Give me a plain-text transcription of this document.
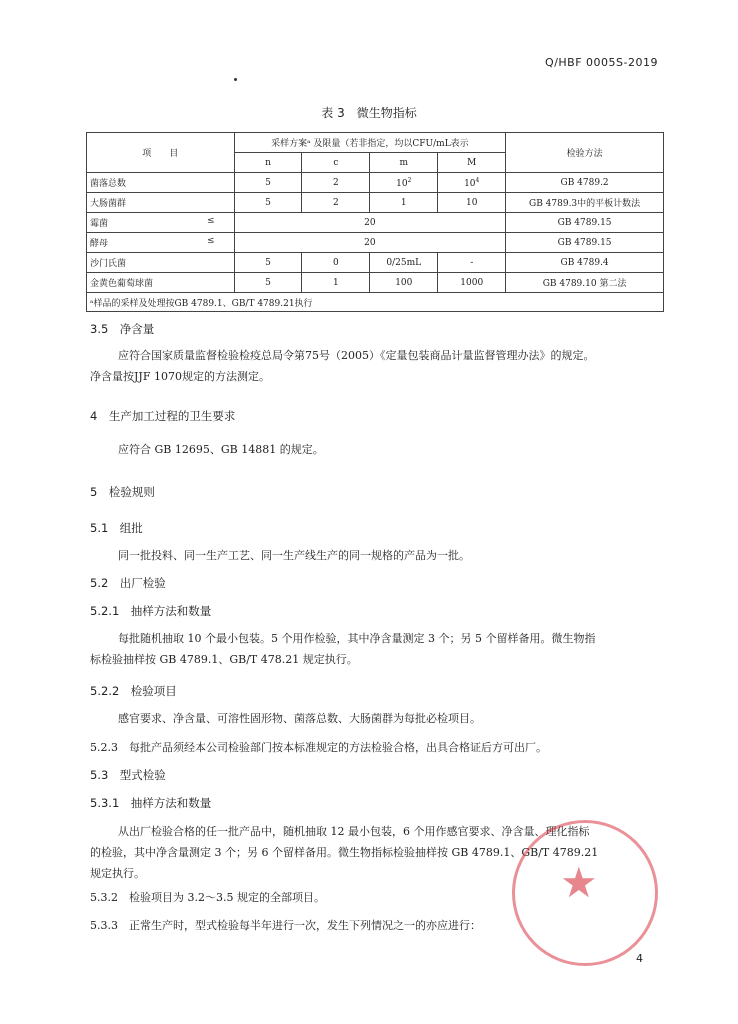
Q/HBF 0005S-2019
表 3　微生物指标
项　　目	采样方案ᵃ 及限量（若非指定，均以CFU/mL表示				检验方法
	n	c	m	M	
菌落总数	5	2	$10^2$	$10^4$	GB 4789.2
大肠菌群	5	2	1	10	GB 4789.3中的平板计数法
霉菌 ≤	20				GB 4789.15
酵母 ≤	20				GB 4789.15
沙门氏菌	5	0	0/25mL	-	GB 4789.4
金黄色葡萄球菌	5	1	100	1000	GB 4789.10 第二法
ᵃ样品的采样及处理按GB 4789.1、GB/T 4789.21执行					
3.5　净含量
应符合国家质量监督检验检疫总局令第75号（2005）《定量包装商品计量监督管理办法》的规定。
净含量按JJF 1070规定的方法测定。
4　生产加工过程的卫生要求
应符合 GB 12695、GB 14881 的规定。
5　检验规则
5.1　组批
同一批投料、同一生产工艺、同一生产线生产的同一规格的产品为一批。
5.2　出厂检验
5.2.1　抽样方法和数量
每批随机抽取 10 个最小包装。5 个用作检验，其中净含量测定 3 个；另 5 个留样备用。微生物指
标检验抽样按 GB 4789.1、GB/T 478.21 规定执行。
5.2.2　检验项目
感官要求、净含量、可溶性固形物、菌落总数、大肠菌群为每批必检项目。
5.2.3　每批产品须经本公司检验部门按本标准规定的方法检验合格，出具合格证后方可出厂。
5.3　型式检验
5.3.1　抽样方法和数量
从出厂检验合格的任一批产品中，随机抽取 12 最小包装，6 个用作感官要求、净含量、理化指标
的检验，其中净含量测定 3 个；另 6 个留样备用。微生物指标检验抽样按 GB 4789.1、GB/T 4789.21
规定执行。
5.3.2　检验项目为 3.2～3.5 规定的全部项目。
5.3.3　正常生产时，型式检验每半年进行一次，发生下列情况之一的亦应进行：
★
4
